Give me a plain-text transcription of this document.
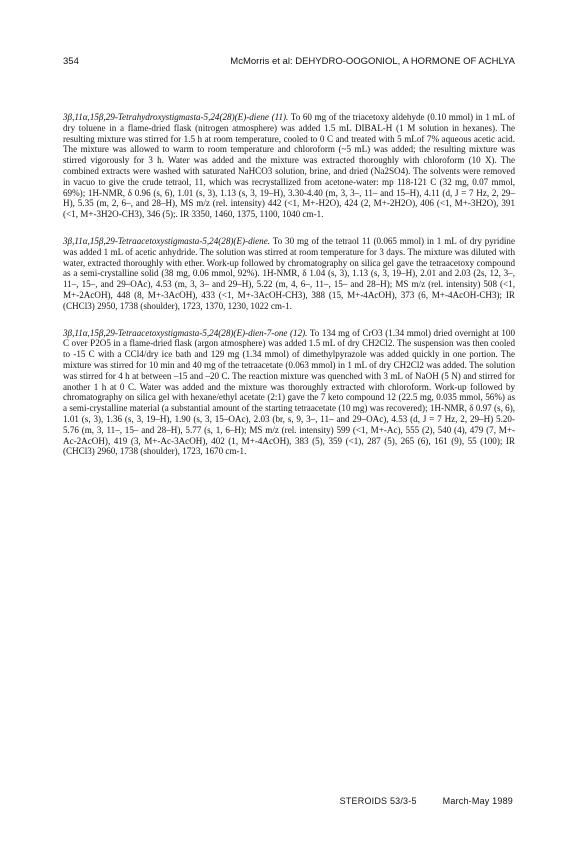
354	McMorris et al: DEHYDRO-OOGONIOL, A HORMONE OF ACHLYA

3β,11α,15β,29-Tetrahydroxystigmasta-5,24(28)(E)-diene (11). To 60 mg of the triacetoxy aldehyde (0.10 mmol) in 1 mL of dry toluene in a flame-dried flask (nitrogen atmosphere) was added 1.5 mL DIBAL-H (1 M solution in hexanes). The resulting mixture was stirred for 1.5 h at room temperature, cooled to 0 C and treated with 5 mLof 7% aqueous acetic acid. The mixture was allowed to warm to room temperature and chloroform (~5 mL) was added; the resulting mixture was stirred vigorously for 3 h. Water was added and the mixture was extracted thoroughly with chloroform (10 X). The combined extracts were washed with saturated NaHCO3 solution, brine, and dried (Na2SO4). The solvents were removed in vacuo to give the crude tetraol, 11, which was recrystallized from acetone-water: mp 118-121 C (32 mg, 0.07 mmol, 69%); 1H-NMR, δ 0.96 (s, 6), 1.01 (s, 3), 1.13 (s, 3, 19–H), 3.30-4.40 (m, 3, 3–, 11– and 15–H), 4.11 (d, J = 7 Hz, 2, 29–H), 5.35 (m, 2, 6–, and 28–H), MS m/z (rel. intensity) 442 (<1, M+-H2O), 424 (2, M+-2H2O), 406 (<1, M+-3H2O), 391 (<1, M+-3H2O-CH3), 346 (5);. IR 3350, 1460, 1375, 1100, 1040 cm-1.

3β,11α,15β,29-Tetraacetoxystigmasta-5,24(28)(E)-diene. To 30 mg of the tetraol 11 (0.065 mmol) in 1 mL of dry pyridine was added 1 mL of acetic anhydride. The solution was stirred at room temperature for 3 days. The mixture was diluted with water, extracted thoroughly with ether. Work-up followed by chromatography on silica gel gave the tetraacetoxy compound as a semi-crystalline solid (38 mg, 0.06 mmol, 92%). 1H-NMR, δ 1.04 (s, 3), 1.13 (s, 3, 19–H), 2.01 and 2.03 (2s, 12, 3–, 11–, 15–, and 29–OAc), 4.53 (m, 3, 3– and 29–H), 5.22 (m, 4, 6–, 11–, 15– and 28–H); MS m/z (rel. intensity) 508 (<1, M+-2AcOH), 448 (8, M+-3AcOH), 433 (<1, M+-3AcOH-CH3), 388 (15, M+-4AcOH), 373 (6, M+-4AcOH-CH3); IR (CHCl3) 2950, 1738 (shoulder), 1723, 1370, 1230, 1022 cm-1.

3β,11α,15β,29-Tetraacetoxystigmasta-5,24(28)(E)-dien-7-one (12). To 134 mg of CrO3 (1.34 mmol) dried overnight at 100 C over P2O5 in a flame-dried flask (argon atmosphere) was added 1.5 mL of dry CH2Cl2. The suspension was then cooled to -15 C with a CCl4/dry ice bath and 129 mg (1.34 mmol) of dimethylpyrazole was added quickly in one portion. The mixture was stirred for 10 min and 40 mg of the tetraacetate (0.063 mmol) in 1 mL of dry CH2Cl2 was added. The solution was stirred for 4 h at between –15 and –20 C. The reaction mixture was quenched with 3 mL of NaOH (5 N) and stirred for another 1 h at 0 C. Water was added and the mixture was thoroughly extracted with chloroform. Work-up followed by chromatography on silica gel with hexane/ethyl acetate (2:1) gave the 7 keto compound 12 (22.5 mg, 0.035 mmol, 56%) as a semi-crystalline material (a substantial amount of the starting tetraacetate (10 mg) was recovered); 1H-NMR, δ 0.97 (s, 6), 1.01 (s, 3), 1.36 (s, 3, 19–H), 1.90 (s, 3, 15–OAc), 2.03 (br, s, 9, 3–, 11– and 29–OAc), 4.53 (d, J = 7 Hz, 2, 29–H) 5.20-5.76 (m, 3, 11–, 15– and 28–H), 5.77 (s, 1, 6–H); MS m/z (rel. intensity) 599 (<1, M+-Ac), 555 (2), 540 (4), 479 (7, M+-Ac-2AcOH), 419 (3, M+-Ac-3AcOH), 402 (1, M+-4AcOH), 383 (5), 359 (<1), 287 (5), 265 (6), 161 (9), 55 (100); IR (CHCl3) 2960, 1738 (shoulder), 1723, 1670 cm-1.

STEROIDS 53/3-5	March-May 1989
